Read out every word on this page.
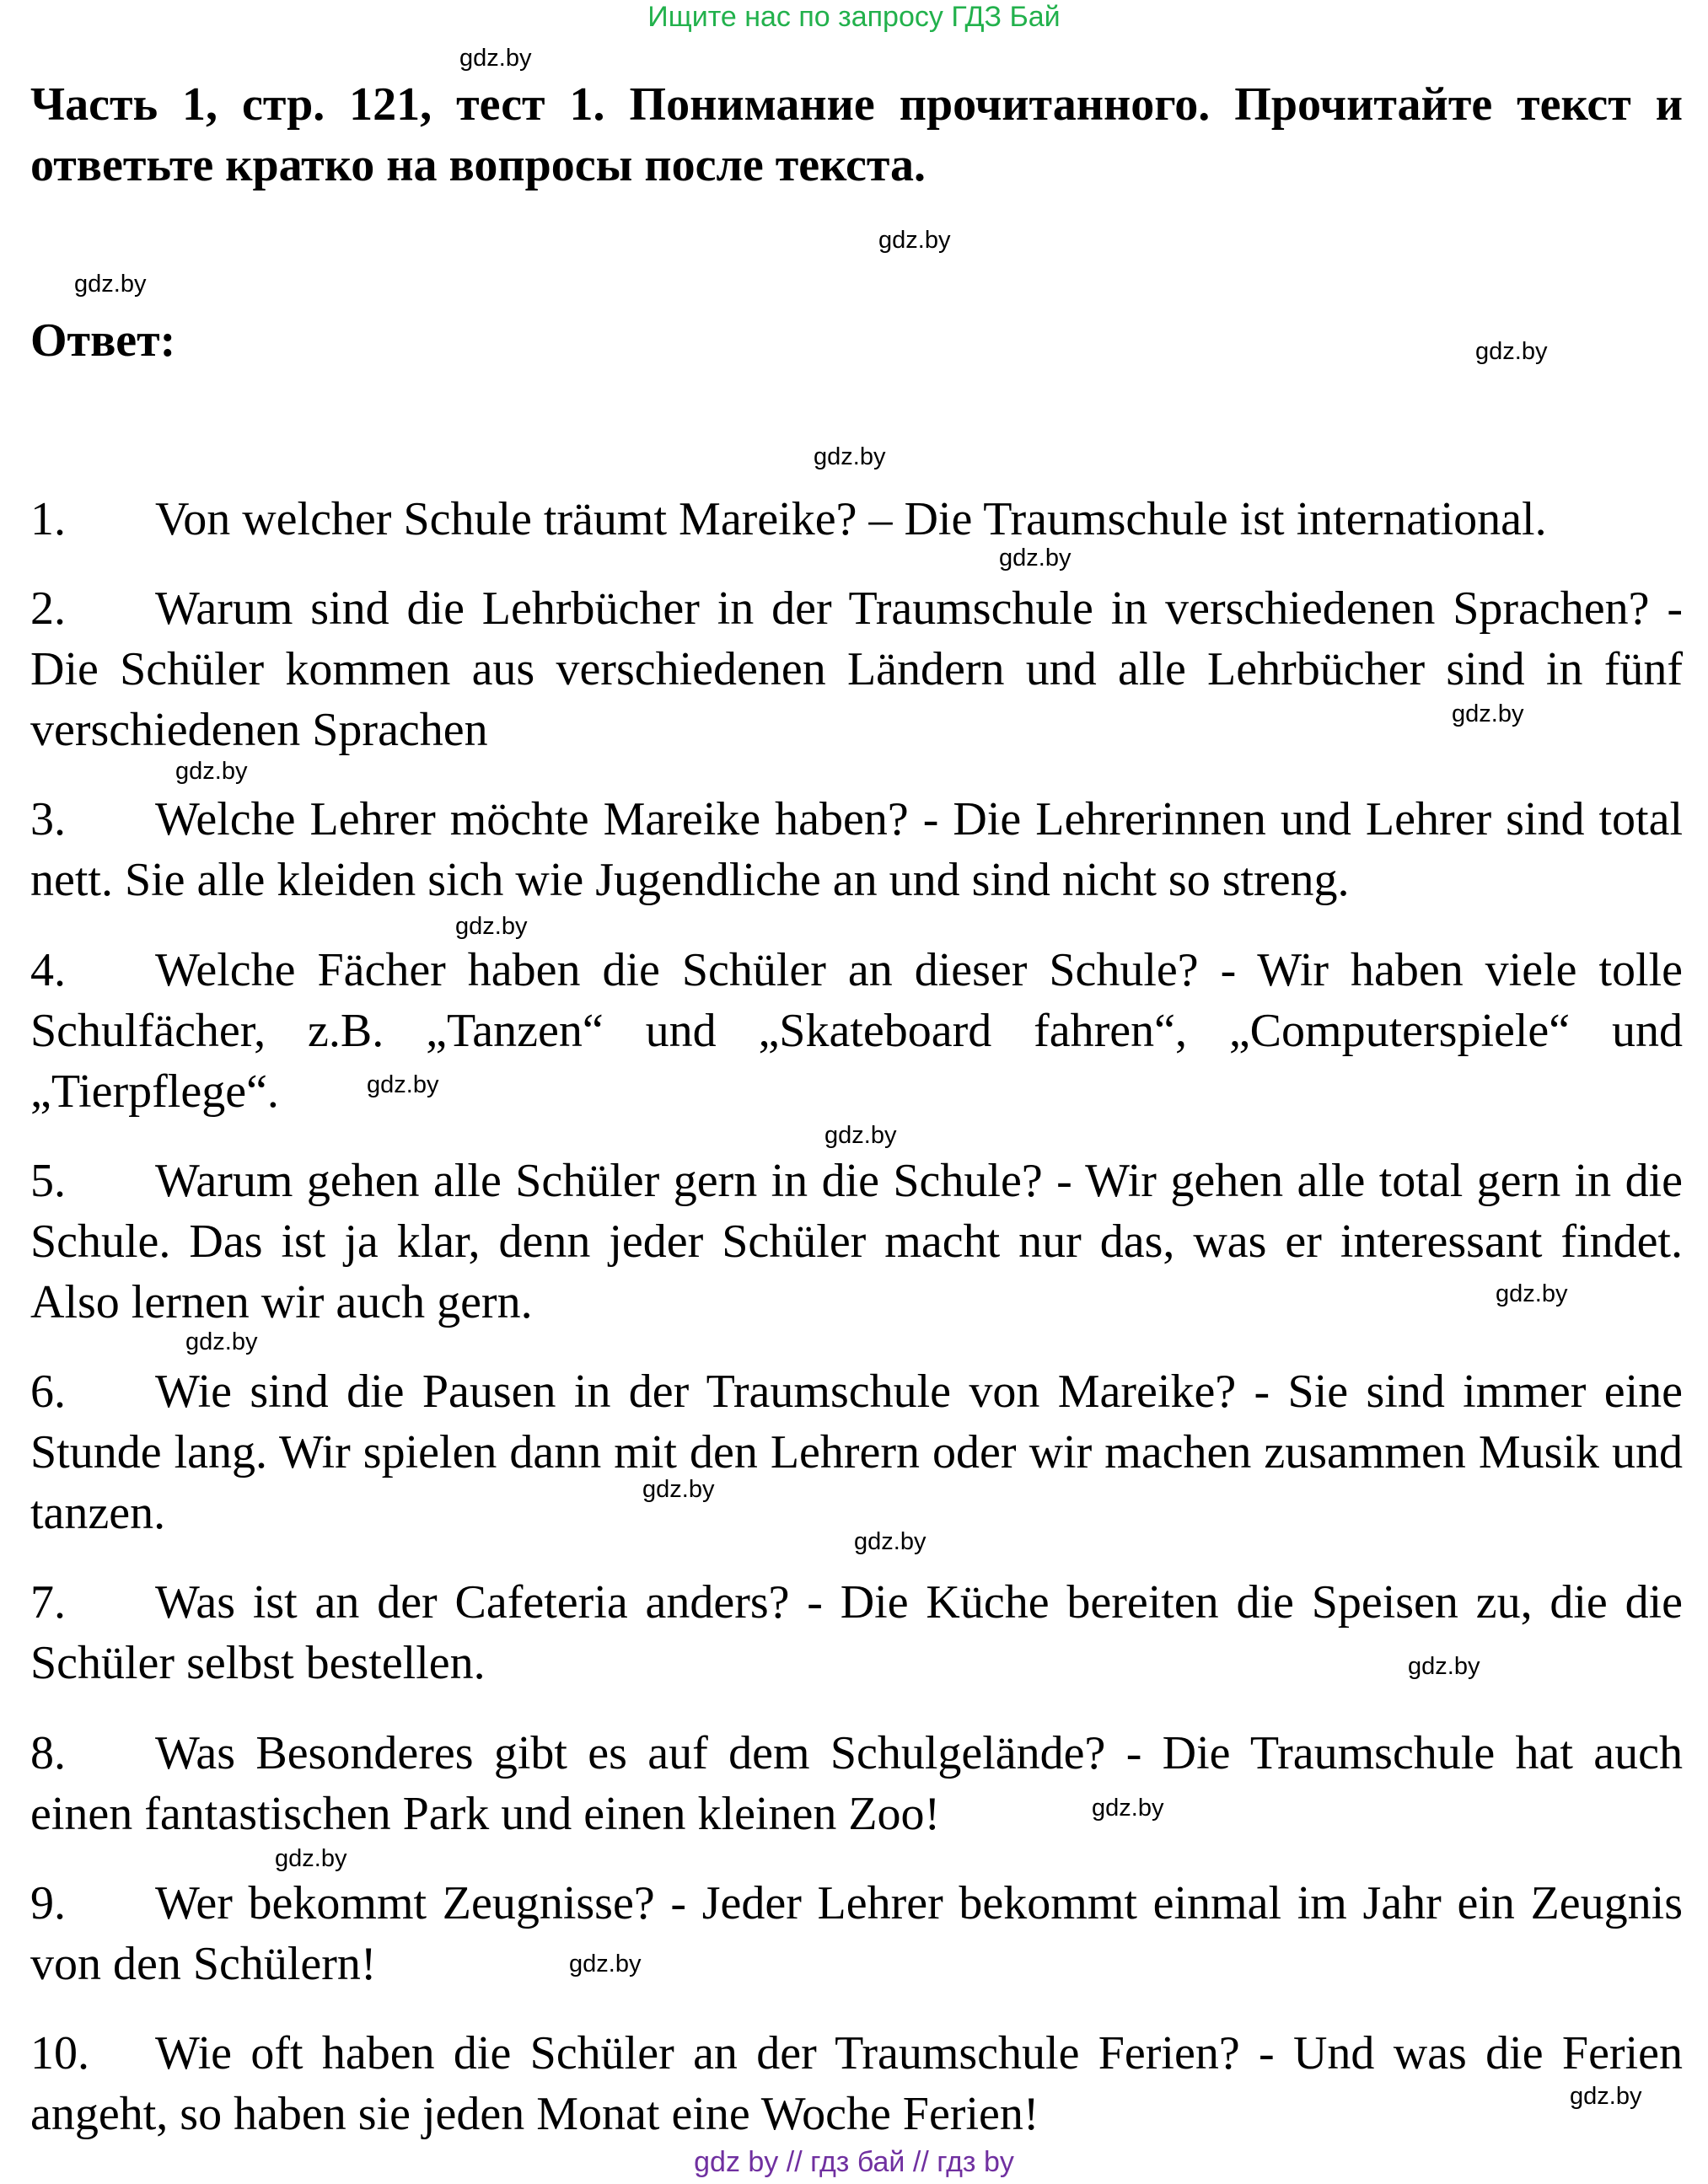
Ищите нас по запросу ГДЗ Бай
Часть 1, стр. 121, тест 1. Понимание прочитанного. Прочитайте текст и ответьте кратко на вопросы после текста.
Ответ:
1. Von welcher Schule träumt Mareike? – Die Traumschule ist international.
2. Warum sind die Lehrbücher in der Traumschule in verschiedenen Sprachen? - Die Schüler kommen aus verschiedenen Ländern und alle Lehrbücher sind in fünf verschiedenen Sprachen
3. Welche Lehrer möchte Mareike haben? - Die Lehrerinnen und Lehrer sind total nett. Sie alle kleiden sich wie Jugendliche an und sind nicht so streng.
4. Welche Fächer haben die Schüler an dieser Schule? - Wir haben viele tolle Schulfächer, z.B. „Tanzen“ und „Skateboard fahren“, „Computerspiele“ und „Tierpflege“.
5. Warum gehen alle Schüler gern in die Schule? - Wir gehen alle total gern in die Schule. Das ist ja klar, denn jeder Schüler macht nur das, was er interessant findet. Also lernen wir auch gern.
6. Wie sind die Pausen in der Traumschule von Mareike? - Sie sind immer eine Stunde lang. Wir spielen dann mit den Lehrern oder wir machen zusammen Musik und tanzen.
7. Was ist an der Cafeteria anders? - Die Küche bereiten die Speisen zu, die die Schüler selbst bestellen.
8. Was Besonderes gibt es auf dem Schulgelände? - Die Traumschule hat auch einen fantastischen Park und einen kleinen Zoo!
9. Wer bekommt Zeugnisse? - Jeder Lehrer bekommt einmal im Jahr ein Zeugnis von den Schülern!
10. Wie oft haben die Schüler an der Traumschule Ferien? - Und was die Ferien angeht, so haben sie jeden Monat eine Woche Ferien!
gdz.by
gdz.by
gdz.by
gdz.by
gdz.by
gdz.by
gdz.by
gdz.by
gdz.by
gdz.by
gdz.by
gdz.by
gdz.by
gdz.by
gdz.by
gdz.by
gdz.by
gdz.by
gdz.by
gdz.by
gdz by // гдз бай // гдз by
